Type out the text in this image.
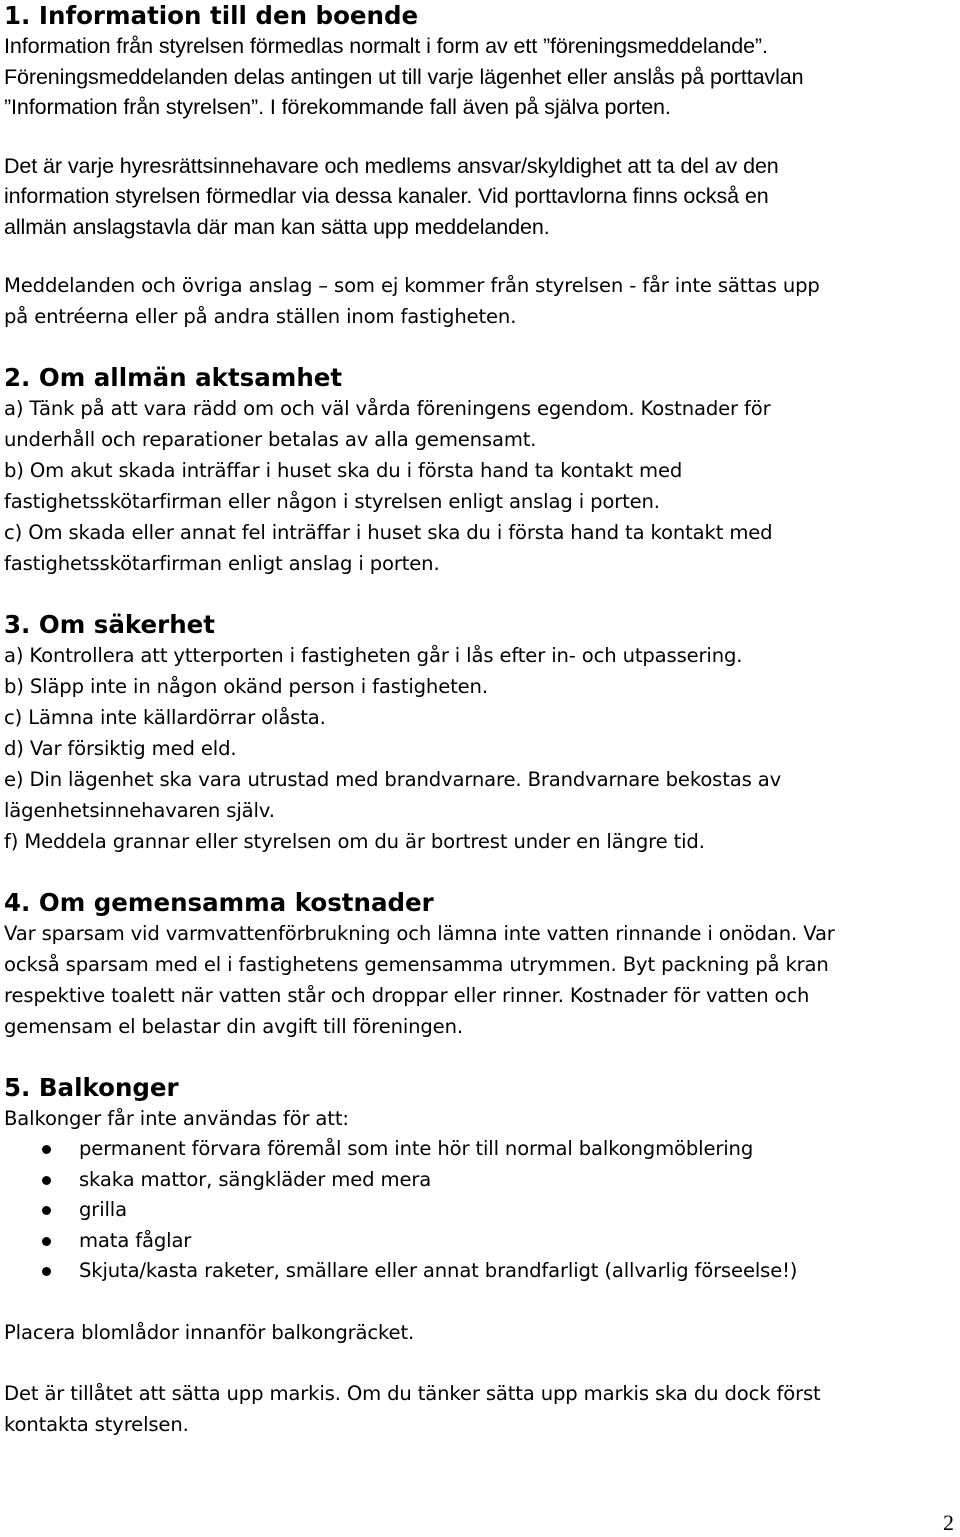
1. Information till den boende

Information från styrelsen förmedlas normalt i form av ett ”föreningsmeddelande”.
Föreningsmeddelanden delas antingen ut till varje lägenhet eller anslås på porttavlan
”Information från styrelsen”. I förekommande fall även på själva porten.

Det är varje hyresrättsinnehavare och medlems ansvar/skyldighet att ta del av den
information styrelsen förmedlar via dessa kanaler. Vid porttavlorna finns också en
allmän anslagstavla där man kan sätta upp meddelanden.

Meddelanden och övriga anslag – som ej kommer från styrelsen - får inte sättas upp
på entréerna eller på andra ställen inom fastigheten.

2. Om allmän aktsamhet

a) Tänk på att vara rädd om och väl vårda föreningens egendom. Kostnader för
underhåll och reparationer betalas av alla gemensamt.
b) Om akut skada inträffar i huset ska du i första hand ta kontakt med
fastighetsskötarfirman eller någon i styrelsen enligt anslag i porten.
c) Om skada eller annat fel inträffar i huset ska du i första hand ta kontakt med
fastighetsskötarfirman enligt anslag i porten.

3. Om säkerhet

a) Kontrollera att ytterporten i fastigheten går i lås efter in- och utpassering.
b) Släpp inte in någon okänd person i fastigheten.
c) Lämna inte källardörrar olåsta.
d) Var försiktig med eld.
e) Din lägenhet ska vara utrustad med brandvarnare. Brandvarnare bekostas av
lägenhetsinnehavaren själv.
f) Meddela grannar eller styrelsen om du är bortrest under en längre tid.

4. Om gemensamma kostnader

Var sparsam vid varmvattenförbrukning och lämna inte vatten rinnande i onödan. Var
också sparsam med el i fastighetens gemensamma utrymmen. Byt packning på kran
respektive toalett när vatten står och droppar eller rinner. Kostnader för vatten och
gemensam el belastar din avgift till föreningen.

5. Balkonger

Balkonger får inte användas för att:

permanent förvara föremål som inte hör till normal balkongmöblering
skaka mattor, sängkläder med mera
grilla
mata fåglar
Skjuta/kasta raketer, smällare eller annat brandfarligt (allvarlig förseelse!)

Placera blomlådor innanför balkongräcket.

Det är tillåtet att sätta upp markis. Om du tänker sätta upp markis ska du dock först
kontakta styrelsen.

2
